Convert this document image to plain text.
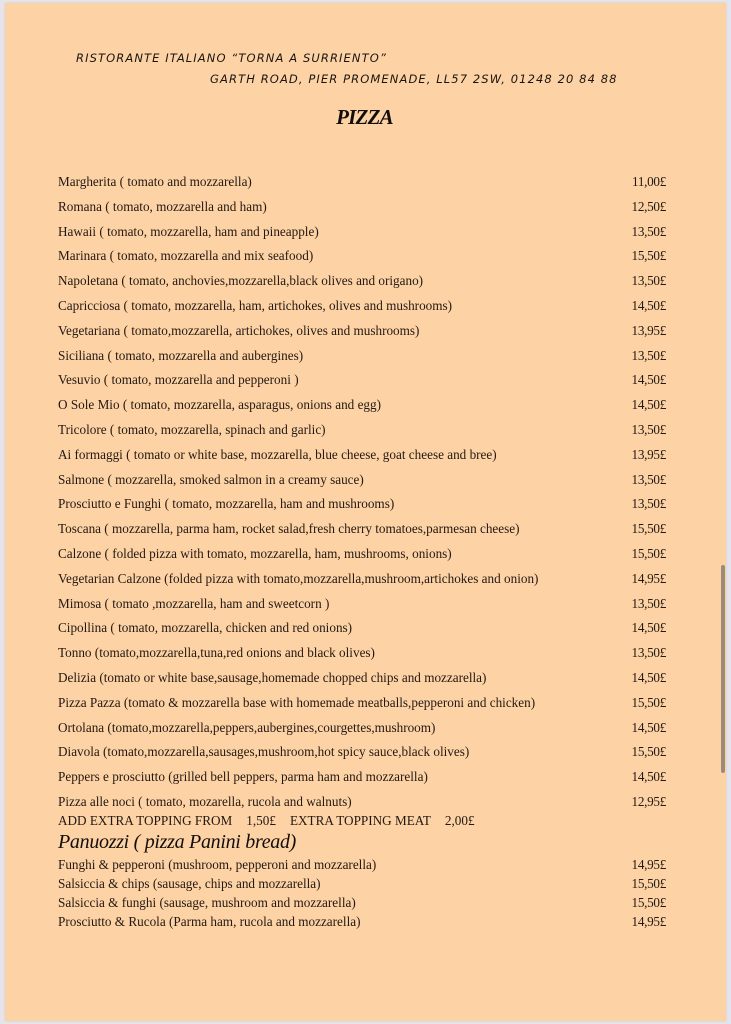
RISTORANTE ITALIANO “TORNA A SURRIENTO”
GARTH ROAD, PIER PROMENADE, LL57 2SW, 01248 20 84 88
PIZZA
Margherita ( tomato and mozzarella)	11,00£
Romana ( tomato, mozzarella and ham)	12,50£
Hawaii ( tomato, mozzarella, ham and pineapple)	13,50£
Marinara ( tomato, mozzarella and mix seafood)	15,50£
Napoletana ( tomato, anchovies,mozzarella,black olives and origano)	13,50£
Capricciosa ( tomato, mozzarella, ham, artichokes, olives and mushrooms)	14,50£
Vegetariana ( tomato,mozzarella, artichokes, olives and mushrooms)	13,95£
Siciliana ( tomato, mozzarella and aubergines)	13,50£
Vesuvio ( tomato, mozzarella and pepperoni )	14,50£
O Sole Mio ( tomato, mozzarella, asparagus, onions and egg)	14,50£
Tricolore ( tomato, mozzarella, spinach and garlic)	13,50£
Ai formaggi ( tomato or white base, mozzarella, blue cheese, goat cheese and bree)	13,95£
Salmone ( mozzarella, smoked salmon in a creamy sauce)	13,50£
Prosciutto e Funghi ( tomato, mozzarella, ham and mushrooms)	13,50£
Toscana ( mozzarella, parma ham, rocket salad,fresh cherry tomatoes,parmesan cheese)	15,50£
Calzone ( folded pizza with tomato, mozzarella, ham, mushrooms, onions)	15,50£
Vegetarian Calzone (folded pizza with tomato,mozzarella,mushroom,artichokes and onion)	14,95£
Mimosa ( tomato ,mozzarella, ham and sweetcorn )	13,50£
Cipollina ( tomato, mozzarella, chicken and red onions)	14,50£
Tonno (tomato,mozzarella,tuna,red onions and black olives)	13,50£
Delizia (tomato or white base,sausage,homemade chopped chips and mozzarella)	14,50£
Pizza Pazza (tomato & mozzarella base with homemade meatballs,pepperoni and chicken)	15,50£
Ortolana (tomato,mozzarella,peppers,aubergines,courgettes,mushroom)	14,50£
Diavola (tomato,mozzarella,sausages,mushroom,hot spicy sauce,black olives)	15,50£
Peppers e prosciutto (grilled bell peppers, parma ham and mozzarella)	14,50£
Pizza alle noci ( tomato, mozarella, rucola and walnuts)	12,95£
ADD EXTRA TOPPING FROM 1,50£ EXTRA TOPPING MEAT 2,00£
Panuozzi ( pizza Panini bread)
Funghi & pepperoni (mushroom, pepperoni and mozzarella)	14,95£
Salsiccia & chips (sausage, chips and mozzarella)	15,50£
Salsiccia & funghi (sausage, mushroom and mozzarella)	15,50£
Prosciutto & Rucola (Parma ham, rucola and mozzarella)	14,95£
